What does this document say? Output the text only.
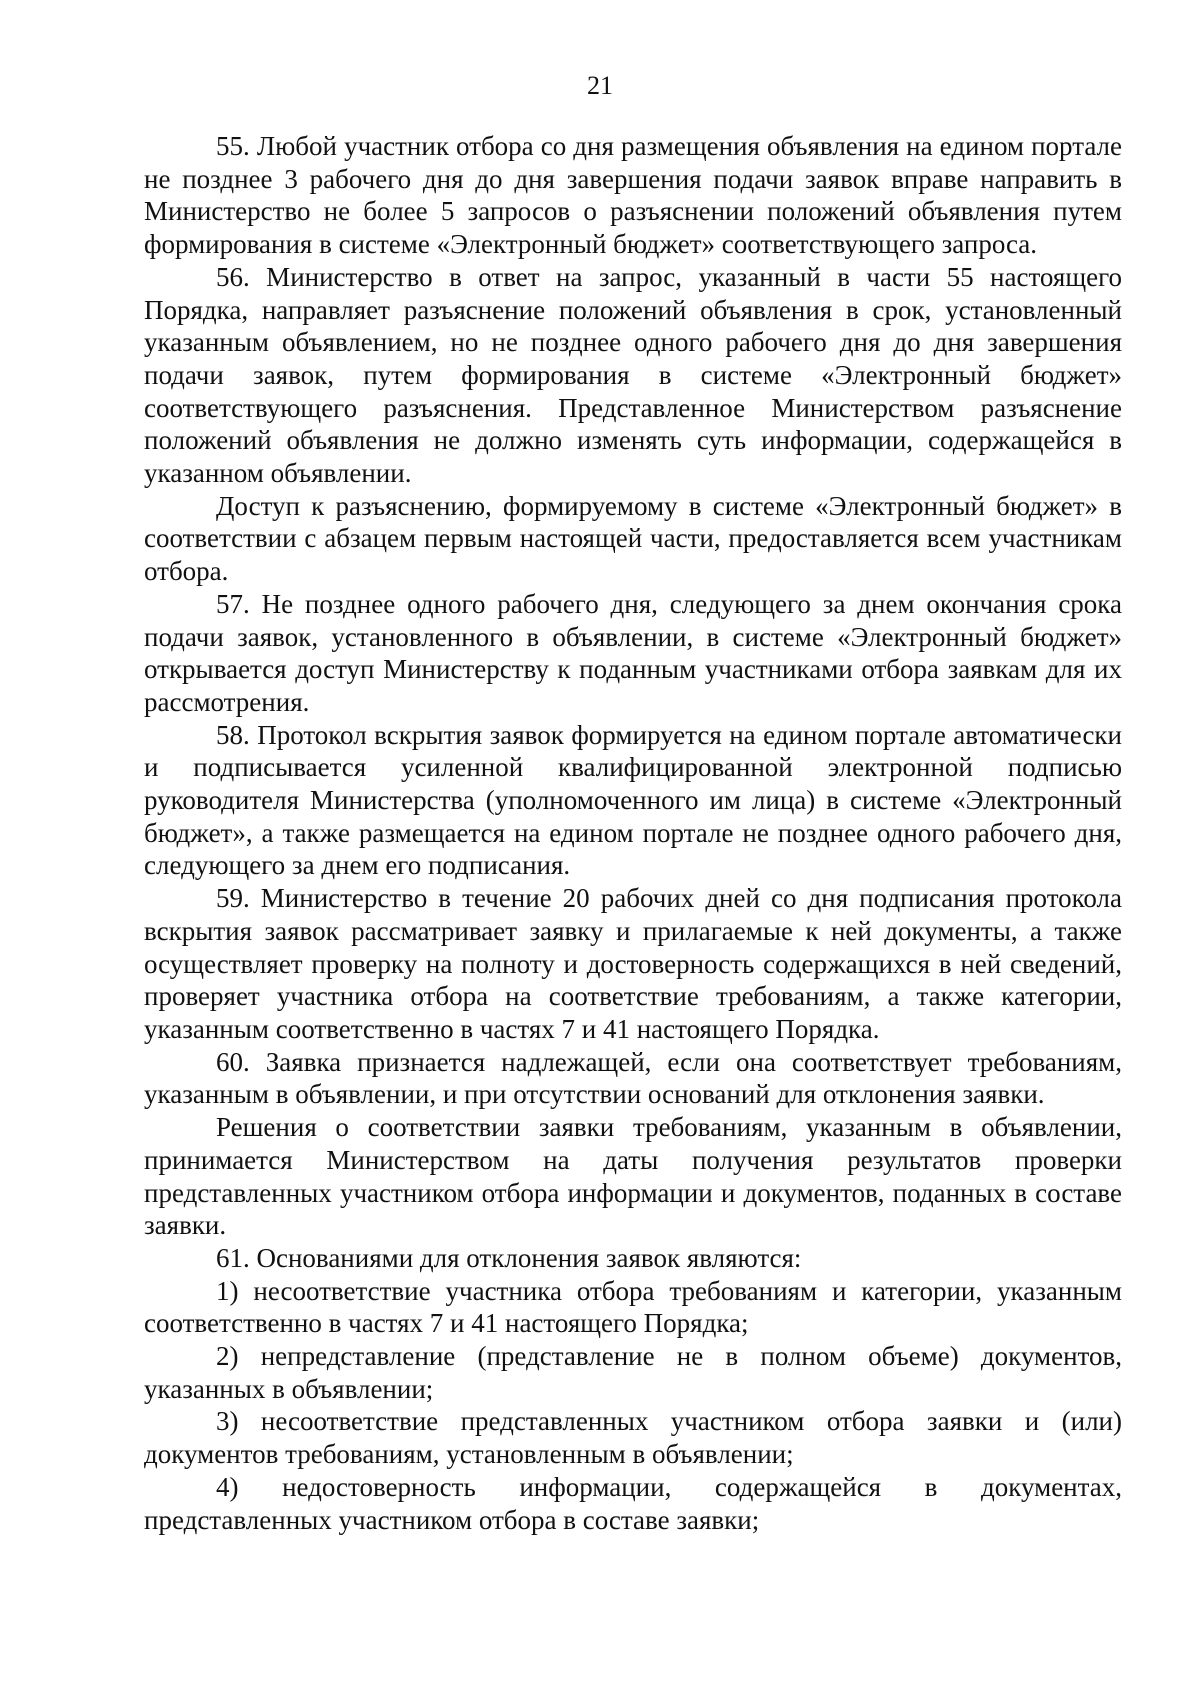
21

55. Любой участник отбора со дня размещения объявления на едином портале не позднее 3 рабочего дня до дня завершения подачи заявок вправе направить в Министерство не более 5 запросов о разъяснении положений объявления путем формирования в системе «Электронный бюджет» соответствующего запроса.

56. Министерство в ответ на запрос, указанный в части 55 настоящего Порядка, направляет разъяснение положений объявления в срок, установленный указанным объявлением, но не позднее одного рабочего дня до дня завершения подачи заявок, путем формирования в системе «Электронный бюджет» соответствующего разъяснения. Представленное Министерством разъяснение положений объявления не должно изменять суть информации, содержащейся в указанном объявлении.

Доступ к разъяснению, формируемому в системе «Электронный бюджет» в соответствии с абзацем первым настоящей части, предоставляется всем участникам отбора.

57. Не позднее одного рабочего дня, следующего за днем окончания срока подачи заявок, установленного в объявлении, в системе «Электронный бюджет» открывается доступ Министерству к поданным участниками отбора заявкам для их рассмотрения.

58. Протокол вскрытия заявок формируется на едином портале автоматически и подписывается усиленной квалифицированной электронной подписью руководителя Министерства (уполномоченного им лица) в системе «Электронный бюджет», а также размещается на едином портале не позднее одного рабочего дня, следующего за днем его подписания.

59. Министерство в течение 20 рабочих дней со дня подписания протокола вскрытия заявок рассматривает заявку и прилагаемые к ней документы, а также осуществляет проверку на полноту и достоверность содержащихся в ней сведений, проверяет участника отбора на соответствие требованиям, а также категории, указанным соответственно в частях 7 и 41 настоящего Порядка.

60. Заявка признается надлежащей, если она соответствует требованиям, указанным в объявлении, и при отсутствии оснований для отклонения заявки.

Решения о соответствии заявки требованиям, указанным в объявлении, принимается Министерством на даты получения результатов проверки представленных участником отбора информации и документов, поданных в составе заявки.

61. Основаниями для отклонения заявок являются:

1) несоответствие участника отбора требованиям и категории, указанным соответственно в частях 7 и 41 настоящего Порядка;

2) непредставление (представление не в полном объеме) документов, указанных в объявлении;

3) несоответствие представленных участником отбора заявки и (или) документов требованиям, установленным в объявлении;

4) недостоверность информации, содержащейся в документах, представленных участником отбора в составе заявки;
